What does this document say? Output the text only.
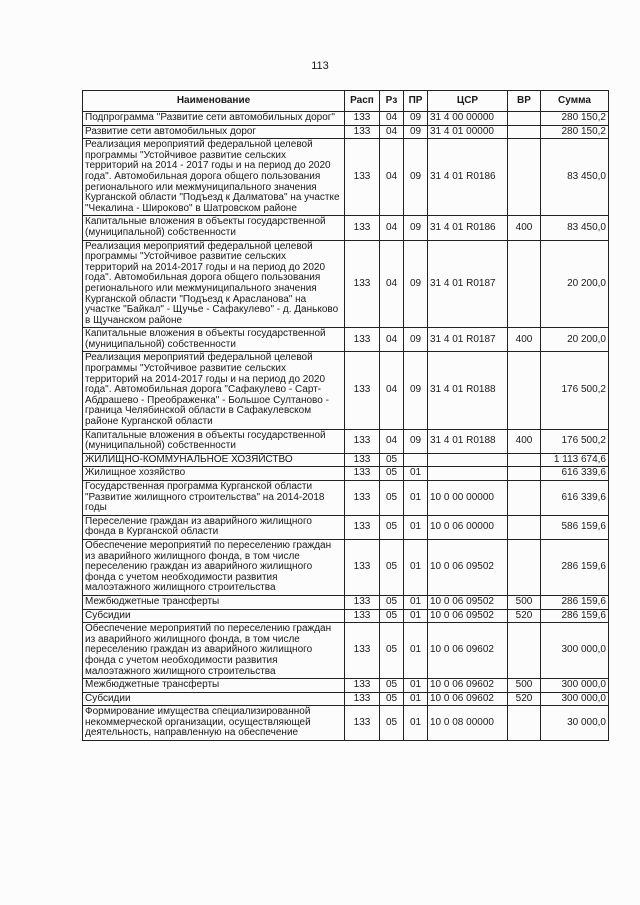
113
Наименование	Расп	Рз	ПР	ЦСР	ВР	Сумма
Подпрограмма "Развитие сети автомобильных дорог"	133	04	09	31 4 00 00000		280 150,2
Развитие сети автомобильных дорог	133	04	09	31 4 01 00000		280 150,2
Реализация мероприятий федеральной целевой программы "Устойчивое развитие сельских территорий на 2014 - 2017 годы и на период до 2020 года". Автомобильная дорога общего пользования регионального или межмуниципального значения Курганской области "Подъезд к Далматова" на участке "Чекалина - Широково" в Шатровском районе	133	04	09	31 4 01 R0186		83 450,0
Капитальные вложения в объекты государственной (муниципальной) собственности	133	04	09	31 4 01 R0186	400	83 450,0
Реализация мероприятий федеральной целевой программы "Устойчивое развитие сельских территорий на 2014-2017 годы и на период до 2020 года". Автомобильная дорога общего пользования регионального или межмуниципального значения Курганской области "Подъезд к Арасланова" на участке "Байкал" - Щучье - Сафакулево" - д. Даньково в Щучанском районе	133	04	09	31 4 01 R0187		20 200,0
Капитальные вложения в объекты государственной (муниципальной) собственности	133	04	09	31 4 01 R0187	400	20 200,0
Реализация мероприятий федеральной целевой программы "Устойчивое развитие сельских территорий на 2014-2017 годы и на период до 2020 года". Автомобильная дорога "Сафакулево - Сарт-Абдрашево - Преображенка" - Большое Султаново - граница Челябинской области в Сафакулевском районе Курганской области	133	04	09	31 4 01 R0188		176 500,2
Капитальные вложения в объекты государственной (муниципальной) собственности	133	04	09	31 4 01 R0188	400	176 500,2
ЖИЛИЩНО-КОММУНАЛЬНОЕ ХОЗЯЙСТВО	133	05				1 113 674,6
Жилищное хозяйство	133	05	01			616 339,6
Государственная программа Курганской области "Развитие жилищного строительства" на 2014-2018 годы	133	05	01	10 0 00 00000		616 339,6
Переселение граждан из аварийного жилищного фонда в Курганской области	133	05	01	10 0 06 00000		586 159,6
Обеспечение мероприятий по переселению граждан из аварийного жилищного фонда, в том числе переселению граждан из аварийного жилищного фонда с учетом необходимости развития малоэтажного жилищного строительства	133	05	01	10 0 06 09502		286 159,6
Межбюджетные трансферты	133	05	01	10 0 06 09502	500	286 159,6
Субсидии	133	05	01	10 0 06 09502	520	286 159,6
Обеспечение мероприятий по переселению граждан из аварийного жилищного фонда, в том числе переселению граждан из аварийного жилищного фонда с учетом необходимости развития малоэтажного жилищного строительства	133	05	01	10 0 06 09602		300 000,0
Межбюджетные трансферты	133	05	01	10 0 06 09602	500	300 000,0
Субсидии	133	05	01	10 0 06 09602	520	300 000,0
Формирование имущества специализированной некоммерческой организации, осуществляющей деятельность, направленную на обеспечение	133	05	01	10 0 08 00000		30 000,0
